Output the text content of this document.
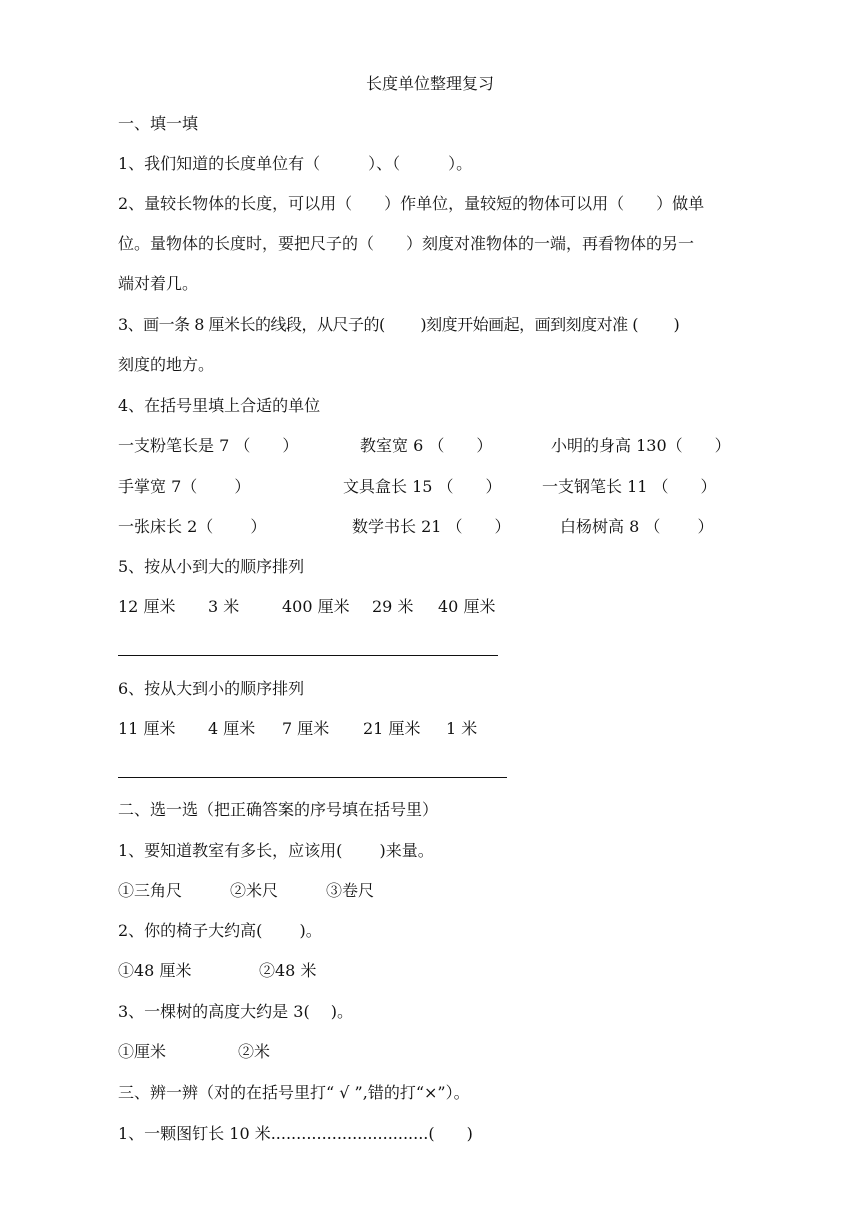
长度单位整理复习
一、填一填
1、我们知道的长度单位有（　　　）、（　　　）。
2、量较长物体的长度，可以用（　　）作单位，量较短的物体可以用（　　）做单
位。量物体的长度时，要把尺子的（　　）刻度对准物体的一端，再看物体的另一
端对着几。
3、画一条 8 厘米长的线段，从尺子的(　　 )刻度开始画起，画到刻度对准 (　　 )
刻度的地方。
4、在括号里填上合适的单位
一支粉笔长是 7 （　　）	教室宽 6 （　　）	小明的身高 130（　　）
手掌宽 7（　　 ）	文具盒长 15 （　　）	一支钢笔长 11 （　　）
一张床长 2（　　 ）	数学书长 21 （　　）	白杨树高 8 （　　 ）
5、按从小到大的顺序排列
12 厘米 3 米	400 厘米 29 米 40 厘米
6、按从大到小的顺序排列
11 厘米 4 厘米 7 厘米 21 厘米 1 米
二、选一选（把正确答案的序号填在括号里）
1、要知道教室有多长，应该用(　　 )来量。
①三角尺	②米尺	③卷尺
2、你的椅子大约高(　　 )。
①48 厘米	②48 米
3、一棵树的高度大约是 3(　 )。
①厘米	②米
三、辨一辨（对的在括号里打“ √ ”,错的打“×”）。
1、一颗图钉长 10 米...............................(　　)
